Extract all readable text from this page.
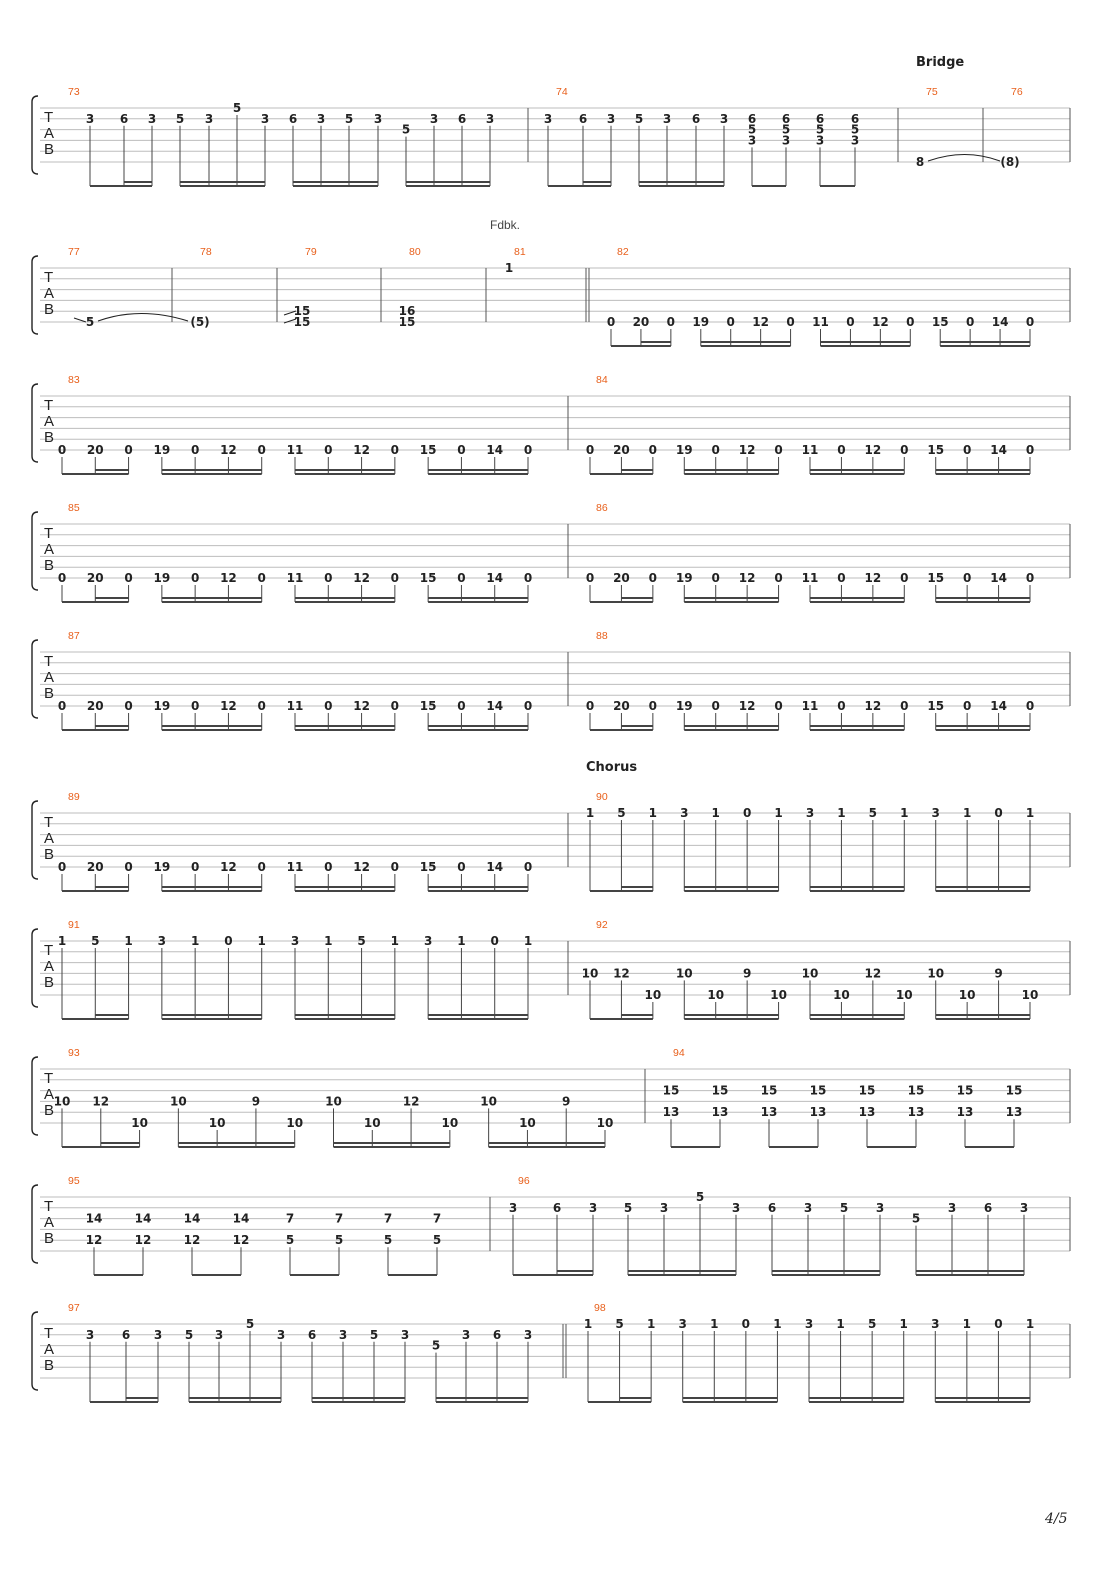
T
A
B
73
3 6 3 5 3
5
3 6 3 5 3
5
3 6 3
74
3 6 3 5 3 6 3 6
5
3
6
5
3
6
5
3
6
5
3
75
Bridge
8
76
(8)
T
A
B
77
5
78
(5)
79
15
15
80
16
15
81
Fdbk.
1
82
0 20 0 19 0 12 0 11 0 12 0 15 0 14 0
T
A
B
83
0 20 0 19 0 12 0 11 0 12 0 15 0 14 0
84
0 20 0 19 0 12 0 11 0 12 0 15 0 14 0
T
A
B
85
0 20 0 19 0 12 0 11 0 12 0 15 0 14 0
86
0 20 0 19 0 12 0 11 0 12 0 15 0 14 0
T
A
B
87
0 20 0 19 0 12 0 11 0 12 0 15 0 14 0
88
0 20 0 19 0 12 0 11 0 12 0 15 0 14 0
T
A
B
89
0 20 0 19 0 12 0 11 0 12 0 15 0 14 0
90
Chorus
1 5 1 3 1 0 1 3 1 5 1 3 1 0 1
T
A
B
91
1 5 1 3 1 0 1 3 1 5 1 3 1 0 1
92
10 12
10
10
10
9
10
10
10
12
10
10
10
9
10
T
A
B
93
10 12
10
10
10
9
10
10
10
12
10
10
10
9
10
94
15
13
15
13
15
13
15
13
15
13
15
13
15
13
15
13
T
A
B
95
14
12
14
12
14
12
14
12
7
5
7
5
7
5
7
5
96
3	6 3 5 3
5
3 6 3 5 3
5
3 6 3
T
A
B
97
3 6 3 5 3
5
3 6 3 5 3
5
3 6 3
98
1 5 1 3 1 0 1 3 1 5 1 3 1 0 1
4/5
